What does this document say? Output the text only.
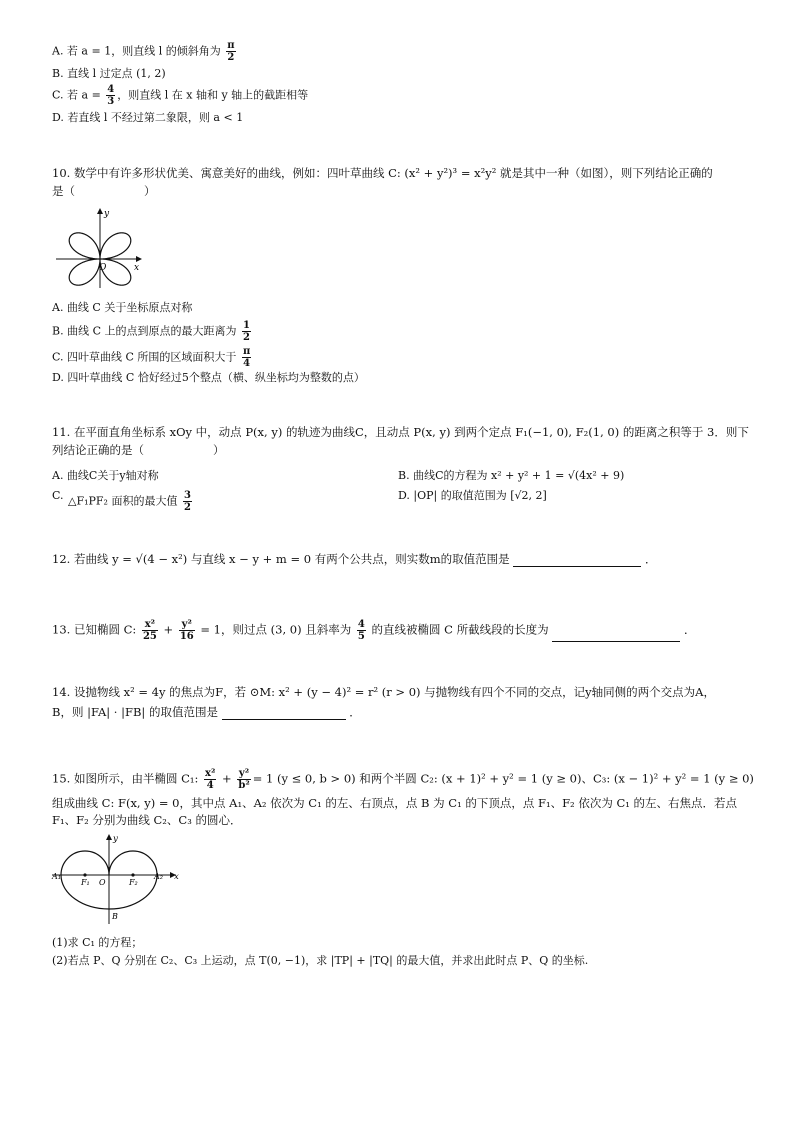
A. 若 a = 1，则直线 l 的倾斜角为 $\frac{\pi}{2}$
B. 直线 l 过定点 (1, 2)
C. 若 $a = \frac{4}{3}$ ，则直线 l 在 x 轴和 y 轴上的截距相等
D. 若直线 l 不经过第二象限，则 a < 1
10. 数学中有许多形状优美、寓意美好的曲线，例如：四叶草曲线 C: (x² + y²)³ = x²y² 就是其中一种（如图），则下列结论正确的
是（　　　　　　）
O
y
x
A. 曲线 C 关于坐标原点对称
B. 曲线 C 上的点到原点的最大距离为 $\frac{1}{2}$
C. 四叶草曲线 C 所围的区域面积大于 $\frac{\pi}{4}$
D. 四叶草曲线 C 恰好经过5个整点（横、纵坐标均为整数的点）
11. 在平面直角坐标系 xOy 中，动点 P(x, y) 的轨迹为曲线C，且动点 P(x, y) 到两个定点 F₁(−1, 0), F₂(1, 0) 的距离之积等于 3．则下
列结论正确的是（　　　　　　）
A. 曲线C关于y轴对称	B. 曲线C的方程为 x² + y² + 1 = √(4x² + 9)
C. △F₁PF₂ 面积的最大值 $\frac{3}{2}$	D. |OP| 的取值范围为 [√2, 2]
12. 若曲线 y = √(4 − x²) 与直线 x − y + m = 0 有两个公共点，则实数m的取值范围是	．
13. 已知椭圆 C: $\frac{\text{x²}}{25} + \frac{\text{y²}}{16} = 1$，则过点 (3, 0) 且斜率为 $\frac{4}{5}$ 的直线被椭圆 C 所截线段的长度为	．
14. 设抛物线 x² = 4y 的焦点为F，若 ⊙M: x² + (y − 4)² = r² (r > 0) 与抛物线有四个不同的交点，记y轴同侧的两个交点为A，
B，则 |FA| · |FB| 的取值范围是	．
15. 如图所示，由半椭圆 C₁: $\frac{\text{x²}}{4} + \frac{\text{y²}}{\text{b²}} = 1$ (y ≤ 0, b > 0) 和两个半圆 C₂: (x + 1)² + y² = 1 (y ≥ 0)、C₃: (x − 1)² + y² = 1 (y ≥ 0)
组成曲线 C: F(x, y) = 0，其中点 A₁、A₂ 依次为 C₁ 的左、右顶点，点 B 为 C₁ 的下顶点，点 F₁、F₂ 依次为 C₁ 的左、右焦点．若点
F₁、F₂ 分别为曲线 C₂、C₃ 的圆心．
y
x
A₁
F₁ O	F₂
A₂
B
(1)求 C₁ 的方程；
(2)若点 P、Q 分别在 C₂、C₃ 上运动，点 T(0, −1)，求 |TP| + |TQ| 的最大值，并求出此时点 P、Q 的坐标.
